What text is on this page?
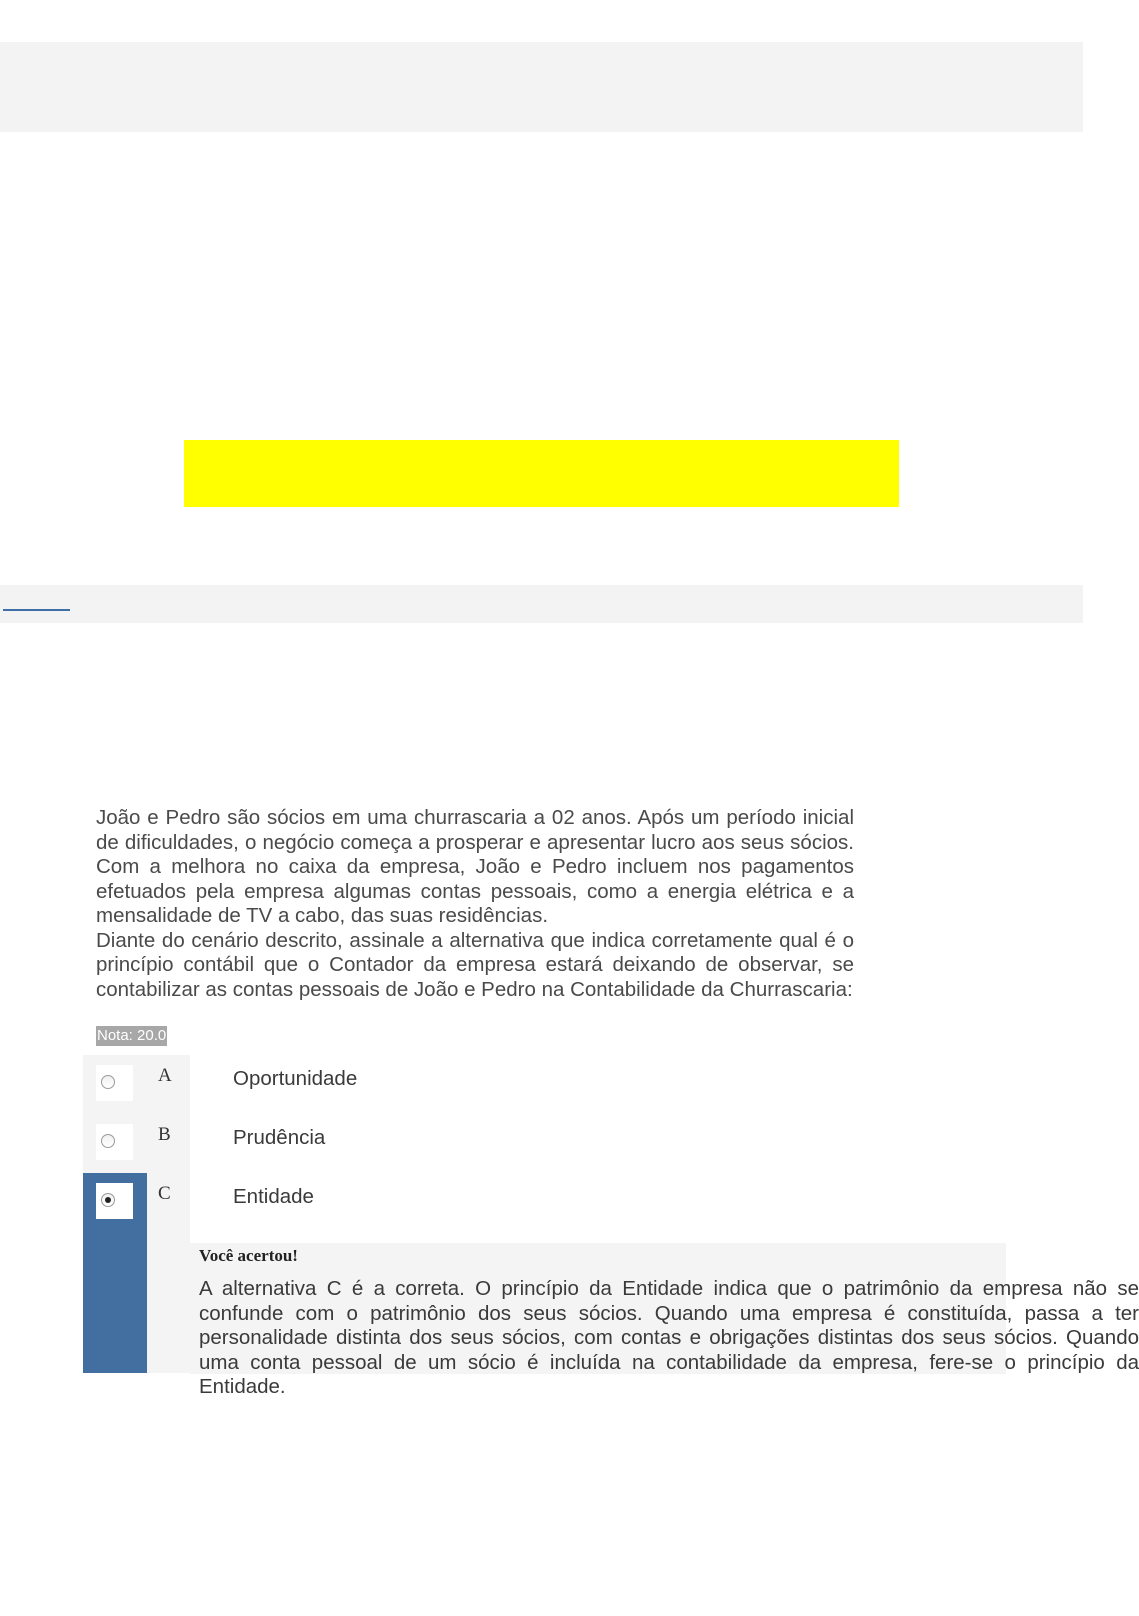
João e Pedro são sócios em uma churrascaria a 02 anos. Após um período inicial de dificuldades, o negócio começa a prosperar e apresentar lucro aos seus sócios. Com a melhora no caixa da empresa, João e Pedro incluem nos pagamentos efetuados pela empresa algumas contas pessoais, como a energia elétrica e a mensalidade de TV a cabo, das suas residências.

Diante do cenário descrito, assinale a alternativa que indica corretamente qual é o princípio contábil que o Contador da empresa estará deixando de observar, se contabilizar as contas pessoais de João e Pedro na Contabilidade da Churrascaria:

Nota: 20.0
A	Oportunidade
B	Prudência
C	Entidade
Você acertou!
A alternativa C é a correta. O princípio da Entidade indica que o patrimônio da empresa não se confunde com o patrimônio dos seus sócios. Quando uma empresa é constituída, passa a ter personalidade distinta dos seus sócios, com contas e obrigações distintas dos seus sócios. Quando uma conta pessoal de um sócio é incluída na contabilidade da empresa, fere-se o princípio da Entidade.
